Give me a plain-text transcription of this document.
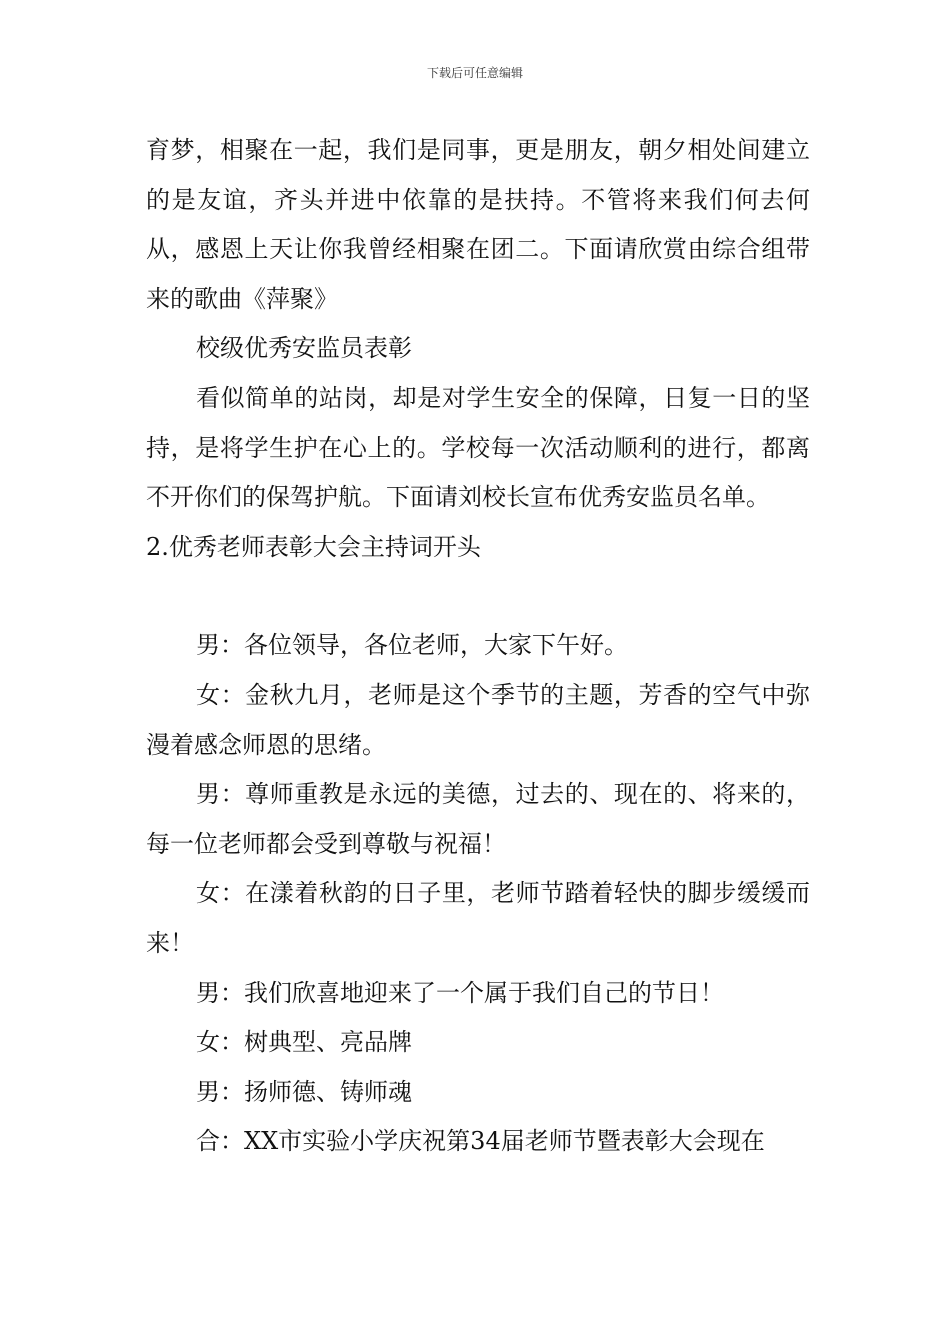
下载后可任意编辑

育梦，相聚在一起，我们是同事，更是朋友，朝夕相处间建立的是友谊，齐头并进中依靠的是扶持。不管将来我们何去何从，感恩上天让你我曾经相聚在团二。下面请欣赏由综合组带来的歌曲《萍聚》

校级优秀安监员表彰

看似简单的站岗，却是对学生安全的保障，日复一日的坚持，是将学生护在心上的。学校每一次活动顺利的进行，都离不开你们的保驾护航。下面请刘校长宣布优秀安监员名单。

2.优秀老师表彰大会主持词开头

男：各位领导，各位老师，大家下午好。

女：金秋九月，老师是这个季节的主题，芳香的空气中弥漫着感念师恩的思绪。

男：尊师重教是永远的美德，过去的、现在的、将来的，每一位老师都会受到尊敬与祝福！

女：在漾着秋韵的日子里，老师节踏着轻快的脚步缓缓而来！

男：我们欣喜地迎来了一个属于我们自己的节日！

女：树典型、亮品牌

男：扬师德、铸师魂

合：XX市实验小学庆祝第34届老师节暨表彰大会现在
